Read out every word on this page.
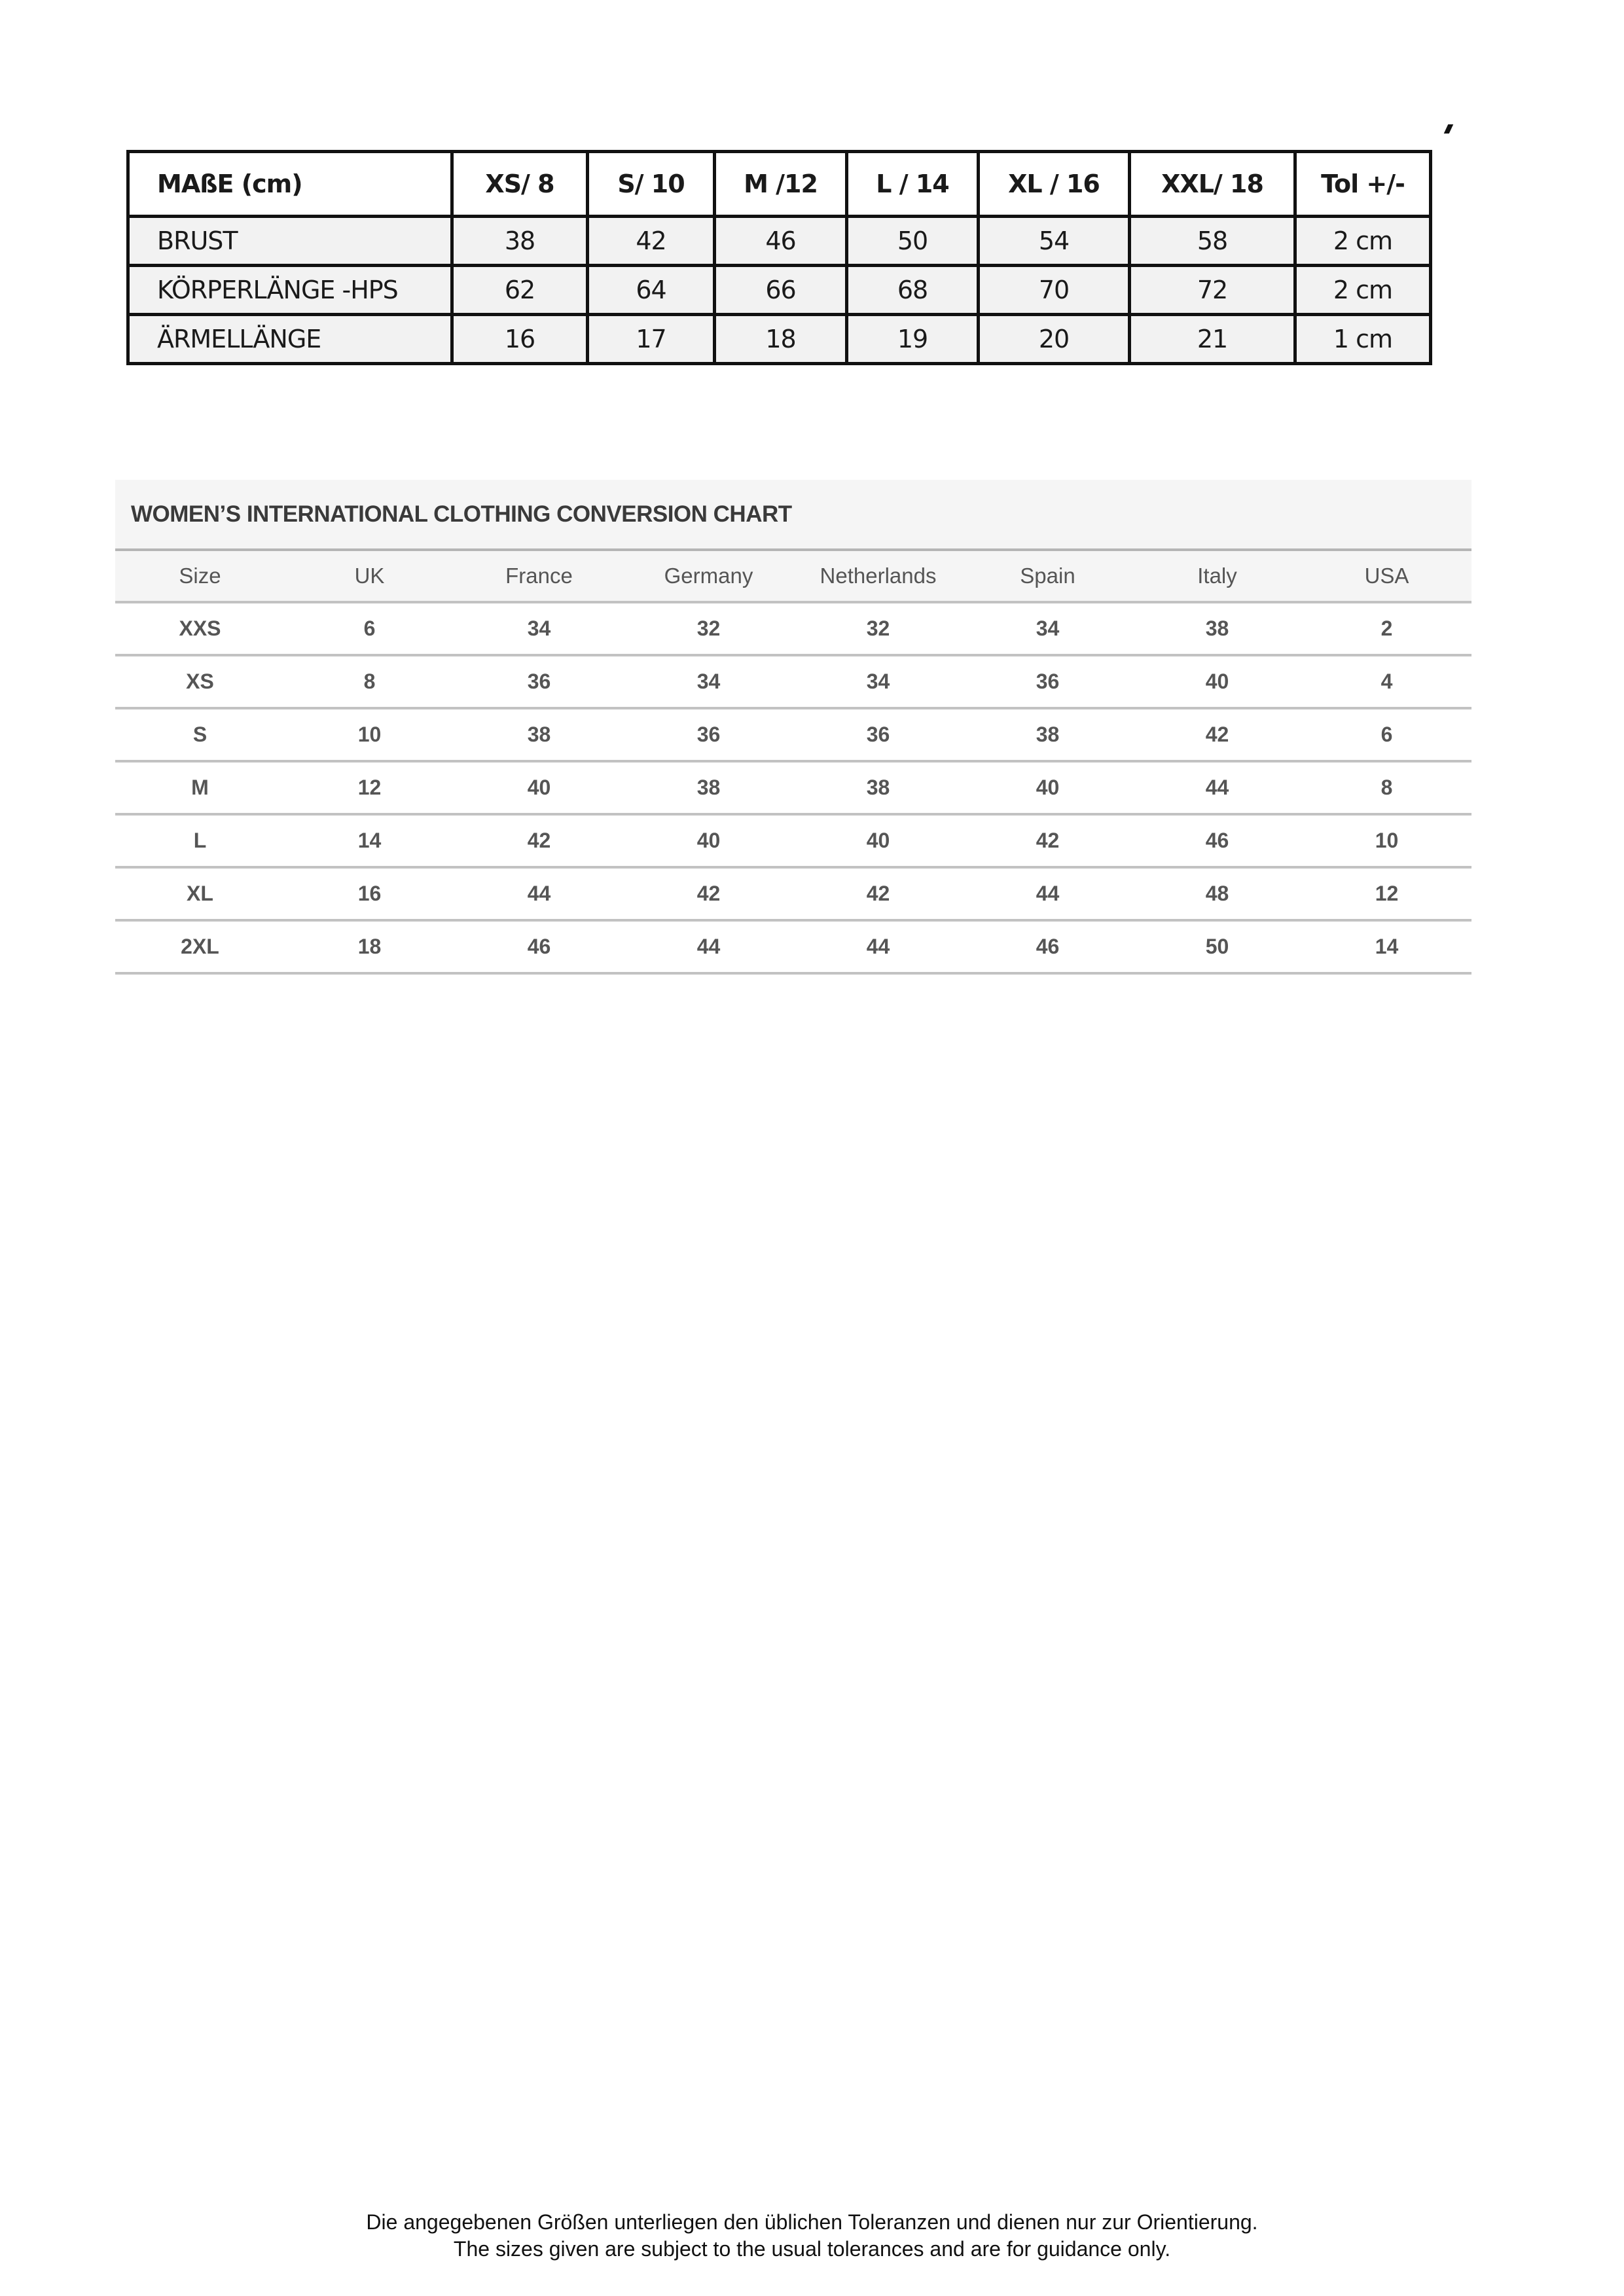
MAßE (cm)	XS/ 8	S/ 10	M /12	L / 14	XL / 16	XXL/ 18	Tol +/-
BRUST	38	42	46	50	54	58	2 cm
KÖRPERLÄNGE -HPS	62	64	66	68	70	72	2 cm
ÄRMELLÄNGE	16	17	18	19	20	21	1 cm
WOMEN’S INTERNATIONAL CLOTHING CONVERSION CHART
Size	UK	France	Germany	Netherlands	Spain	Italy	USA
XXS	6	34	32	32	34	38	2
XS	8	36	34	34	36	40	4
S	10	38	36	36	38	42	6
M	12	40	38	38	40	44	8
L	14	42	40	40	42	46	10
XL	16	44	42	42	44	48	12
2XL	18	46	44	44	46	50	14
Die angegebenen Größen unterliegen den üblichen Toleranzen und dienen nur zur Orientierung.
The sizes given are subject to the usual tolerances and are for guidance only.
